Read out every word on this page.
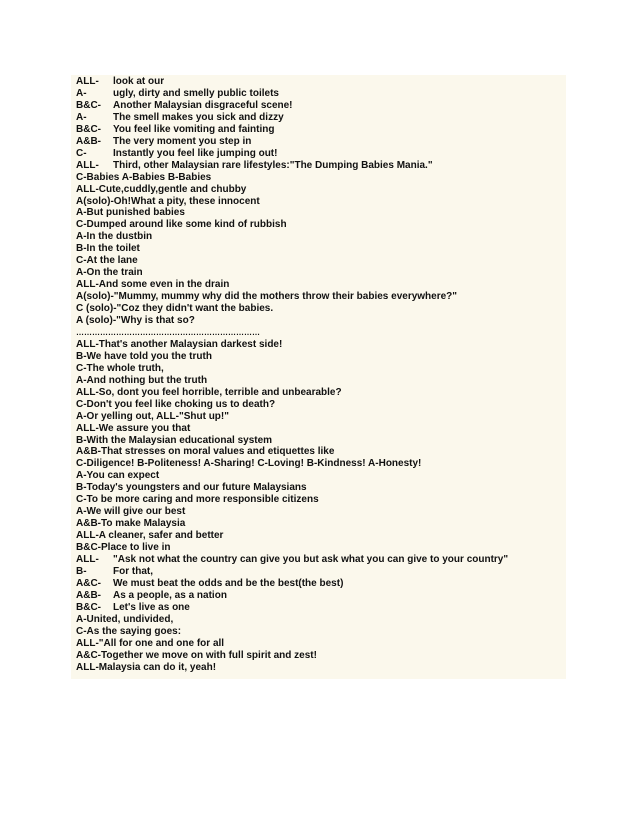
ALL- look at our
A-	ugly, dirty and smelly public toilets
B&C- Another Malaysian disgraceful scene!
A-	The smell makes you sick and dizzy
B&C- You feel like vomiting and fainting
A&B- The very moment you step in
C-	Instantly you feel like jumping out!
ALL- Third, other Malaysian rare lifestyles:"The Dumping Babies Mania."
C-Babies A-Babies B-Babies
ALL-Cute,cuddly,gentle and chubby
A(solo)-Oh!What a pity, these innocent
A-But punished babies
C-Dumped around like some kind of rubbish
A-In the dustbin
B-In the toilet
C-At the lane
A-On the train
ALL-And some even in the drain
A(solo)-"Mummy, mummy why did the mothers throw their babies everywhere?"
C (solo)-"Coz they didn't want the babies.
A (solo)-"Why is that so?
……………………………………………………………
ALL-That's another Malaysian darkest side!
B-We have told you the truth
C-The whole truth,
A-And nothing but the truth
ALL-So, dont you feel horrible, terrible and unbearable?
C-Don't you feel like choking us to death?
A-Or yelling out, ALL-"Shut up!"
ALL-We assure you that
B-With the Malaysian educational system
A&B-That stresses on moral values and etiquettes like
C-Diligence! B-Politeness! A-Sharing! C-Loving! B-Kindness! A-Honesty!
A-You can expect
B-Today's youngsters and our future Malaysians
C-To be more caring and more responsible citizens
A-We will give our best
A&B-To make Malaysia
ALL-A cleaner, safer and better
B&C-Place to live in
ALL- "Ask not what the country can give you but ask what you can give to your country"
B-	For that,
A&C- We must beat the odds and be the best(the best)
A&B- As a people, as a nation
B&C- Let's live as one
A-United, undivided,
C-As the saying goes:
ALL-"All for one and one for all
A&C-Together we move on with full spirit and zest!
ALL-Malaysia can do it, yeah!
